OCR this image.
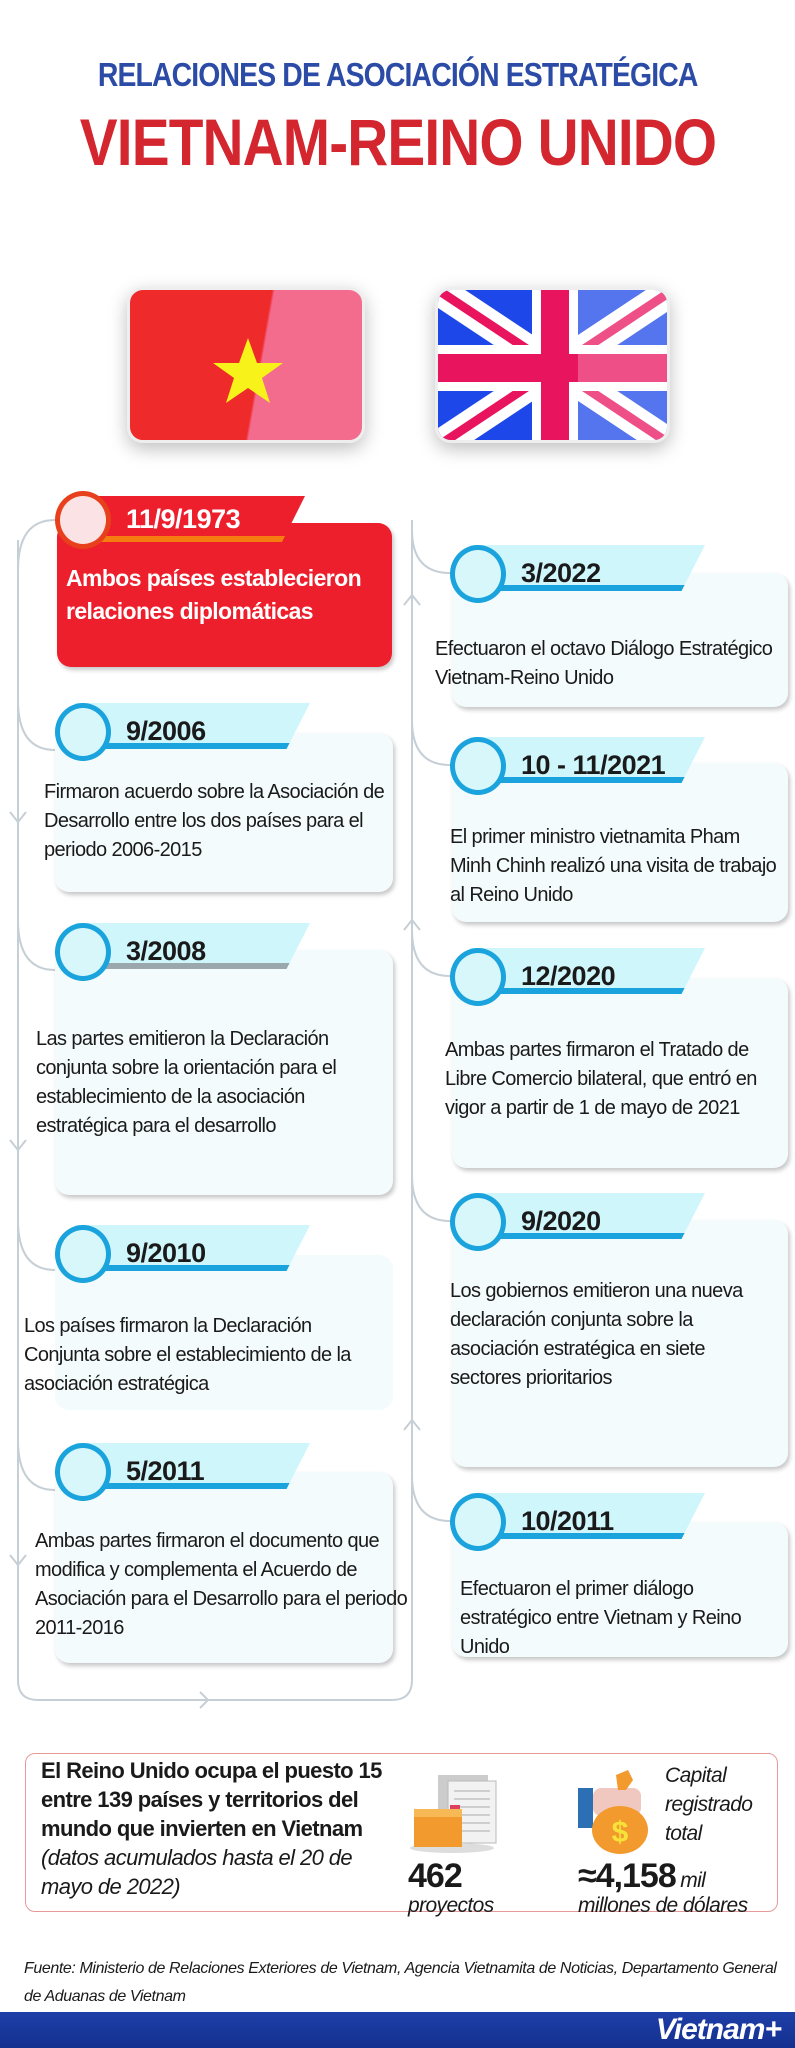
RELACIONES DE ASOCIACIÓN ESTRATÉGICA
VIETNAM-REINO UNIDO
11/9/1973
Ambos países establecieron relaciones diplomáticas
9/2006
Firmaron acuerdo sobre la Asociación de Desarrollo entre los dos países para el periodo 2006-2015
3/2008
Las partes emitieron la Declaración conjunta sobre la orientación para el establecimiento de la asociación estratégica para el desarrollo
9/2010
Los países firmaron la Declaración Conjunta sobre el establecimiento de la asociación estratégica
5/2011
Ambas partes firmaron el documento que modifica y complementa el Acuerdo de Asociación para el Desarrollo para el periodo 2011-2016
3/2022
Efectuaron el octavo Diálogo Estratégico Vietnam-Reino Unido
10 - 11/2021
El primer ministro vietnamita Pham Minh Chinh realizó una visita de trabajo al Reino Unido
12/2020
Ambas partes firmaron el Tratado de Libre Comercio bilateral, que entró en vigor a partir de 1 de mayo de 2021
9/2020
Los gobiernos emitieron una nueva declaración conjunta sobre la asociación estratégica en siete sectores prioritarios
10/2011
Efectuaron el primer diálogo estratégico entre Vietnam y Reino Unido
El Reino Unido ocupa el puesto 15 entre 139 países y territorios del mundo que invierten en Vietnam (datos acumulados hasta el 20 de mayo de 2022)	462
proyectos
$
Capital registrado total
≈4,158 mil
millones de dólares
Fuente: Ministerio de Relaciones Exteriores de Vietnam, Agencia Vietnamita de Noticias, Departamento General de Aduanas de Vietnam
Vietnam+
